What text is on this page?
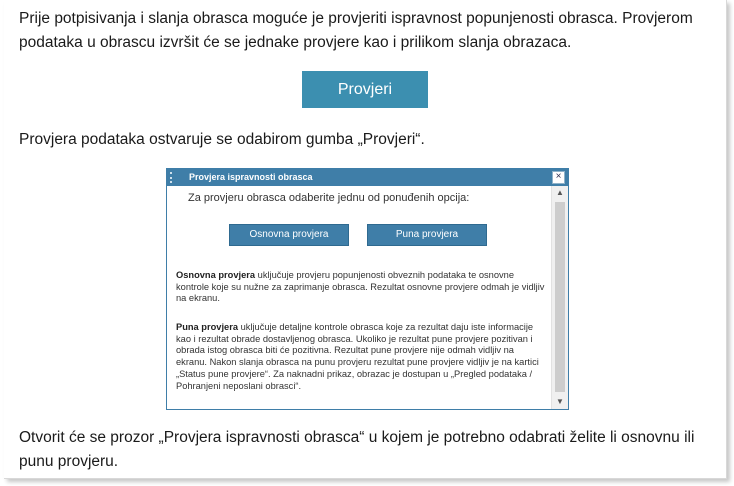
Prije potpisivanja i slanja obrasca moguće je provjeriti ispravnost popunjenosti obrasca. Provjerom podataka u obrascu izvršit će se jednake provjere kao i prilikom slanja obrazaca.
Provjeri
Provjera podataka ostvaruje se odabirom gumba „Provjeri“.
Provjera ispravnosti obrasca	×
Za provjeru obrasca odaberite jednu od ponuđenih opcija:
Osnovna provjera	Puna provjera
Osnovna provjera uključuje provjeru popunjenosti obveznih podataka te osnovne kontrole koje su nužne za zaprimanje obrasca. Rezultat osnovne provjere odmah je vidljiv na ekranu.
Puna provjera uključuje detaljne kontrole obrasca koje za rezultat daju iste informacije kao i rezultat obrade dostavljenog obrasca. Ukoliko je rezultat pune provjere pozitivan i obrada istog obrasca biti će pozitivna. Rezultat pune provjere nije odmah vidljiv na ekranu. Nakon slanja obrasca na punu provjeru rezultat pune provjere vidljiv je na kartici „Status pune provjere“. Za naknadni prikaz, obrazac je dostupan u „Pregled podataka / Pohranjeni neposlani obrasci“.
▲
▼
Otvorit će se prozor „Provjera ispravnosti obrasca“ u kojem je potrebno odabrati želite li osnovnu ili punu provjeru.
